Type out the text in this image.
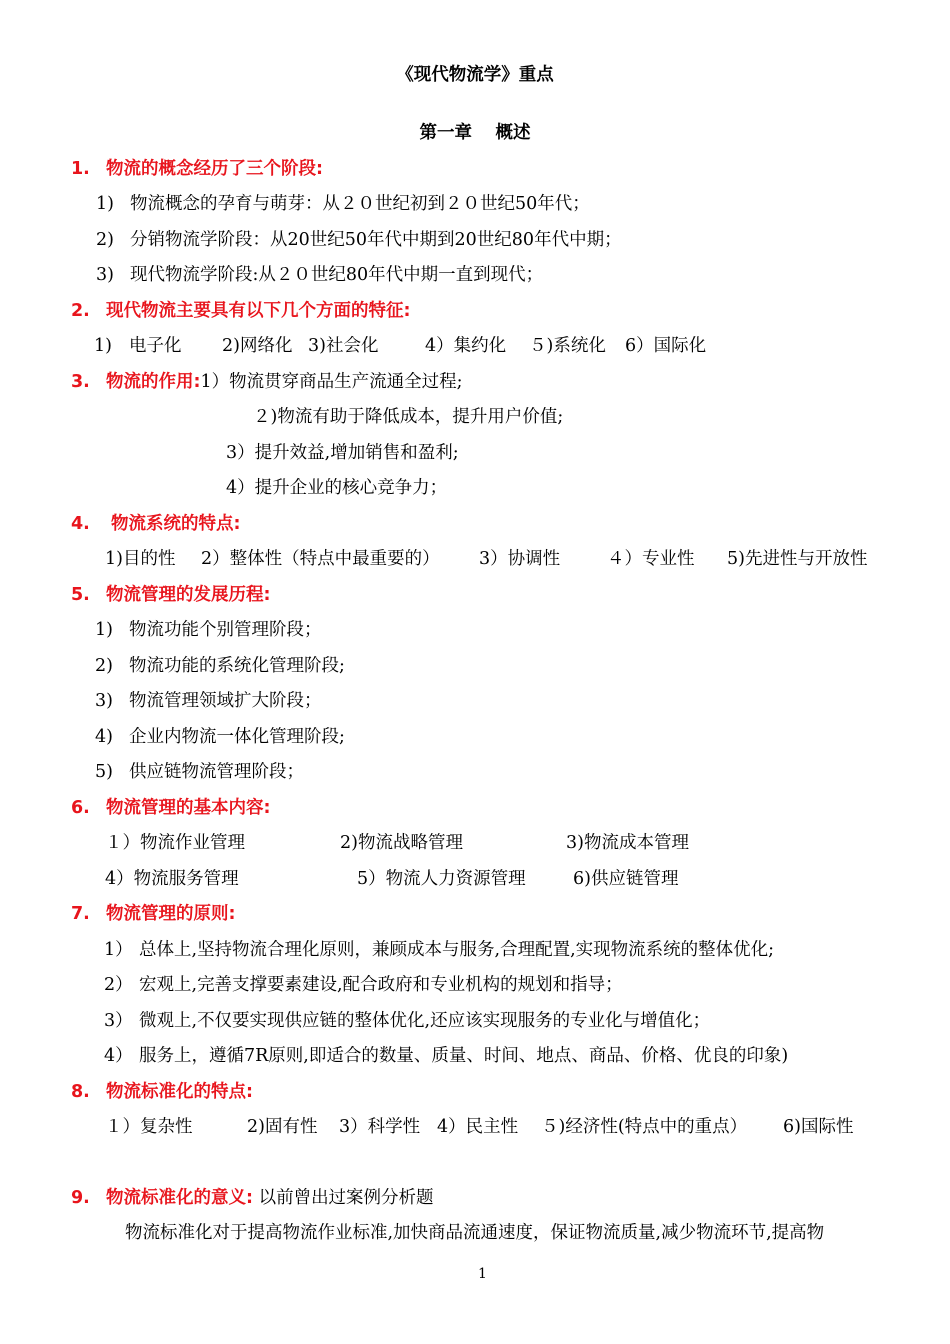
《现代物流学》重点
第一章　 概述
1. 物流的概念经历了三个阶段:
1) 物流概念的孕育与萌芽：从２０世纪初到２０世纪50年代；
2) 分销物流学阶段：从20世纪50年代中期到20世纪80年代中期；
3) 现代物流学阶段:从２０世纪80年代中期一直到现代；
2. 现代物流主要具有以下几个方面的特征:
1) 电子化 2)网络化 3)社会化	4）集约化 ５)系统化 6）国际化
3. 物流的作用:1）物流贯穿商品生产流通全过程;
２)物流有助于降低成本，提升用户价值;
3）提升效益,增加销售和盈利;
4）提升企业的核心竞争力；
4. 物流系统的特点:
1)目的性 2）整体性（特点中最重要的） 3）协调性	４）专业性 5)先进性与开放性
5. 物流管理的发展历程:
1) 物流功能个别管理阶段；
2) 物流功能的系统化管理阶段;
3) 物流管理领域扩大阶段；
4) 企业内物流一体化管理阶段;
5) 供应链物流管理阶段；
6. 物流管理的基本内容:
１）物流作业管理	2)物流战略管理	3)物流成本管理
4）物流服务管理	5）物流人力资源管理	6)供应链管理
7. 物流管理的原则:
1） 总体上,坚持物流合理化原则，兼顾成本与服务,合理配置,实现物流系统的整体优化;
2） 宏观上,完善支撑要素建设,配合政府和专业机构的规划和指导；
3） 微观上,不仅要实现供应链的整体优化,还应该实现服务的专业化与增值化；
4） 服务上，遵循7R原则,即适合的数量、质量、时间、地点、商品、价格、优良的印象)
8. 物流标准化的特点:
１）复杂性	2)固有性 3）科学性 4）民主性 ５)经济性(特点中的重点） 6)国际性
9. 物流标准化的意义: 以前曾出过案例分析题
物流标准化对于提高物流作业标准,加快商品流通速度，保证物流质量,减少物流环节,提高物
1
